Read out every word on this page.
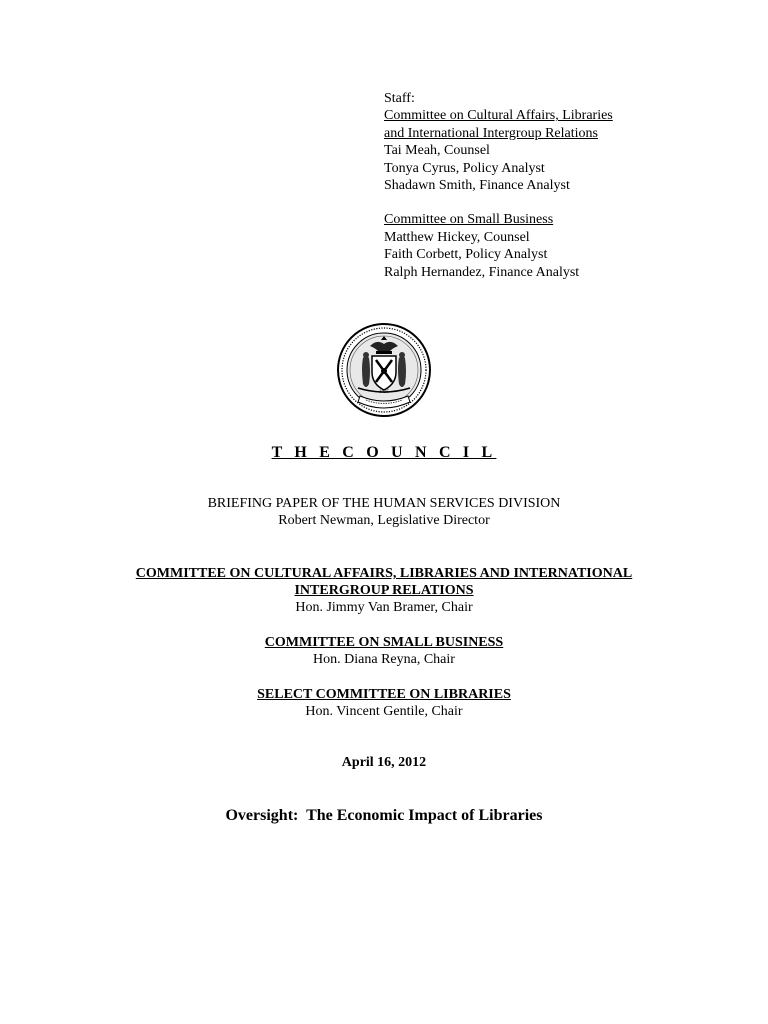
Staff:
Committee on Cultural Affairs, Libraries
and International Intergroup Relations
Tai Meah, Counsel
Tonya Cyrus, Policy Analyst
Shadawn Smith, Finance Analyst
Committee on Small Business
Matthew Hickey, Counsel
Faith Corbett, Policy Analyst
Ralph Hernandez, Finance Analyst
1625
T H E C O U N C I L
BRIEFING PAPER OF THE HUMAN SERVICES DIVISION
Robert Newman, Legislative Director
COMMITTEE ON CULTURAL AFFAIRS, LIBRARIES AND INTERNATIONAL
INTERGROUP RELATIONS
Hon. Jimmy Van Bramer, Chair
COMMITTEE ON SMALL BUSINESS
Hon. Diana Reyna, Chair
SELECT COMMITTEE ON LIBRARIES
Hon. Vincent Gentile, Chair
April 16, 2012
Oversight:  The Economic Impact of Libraries
